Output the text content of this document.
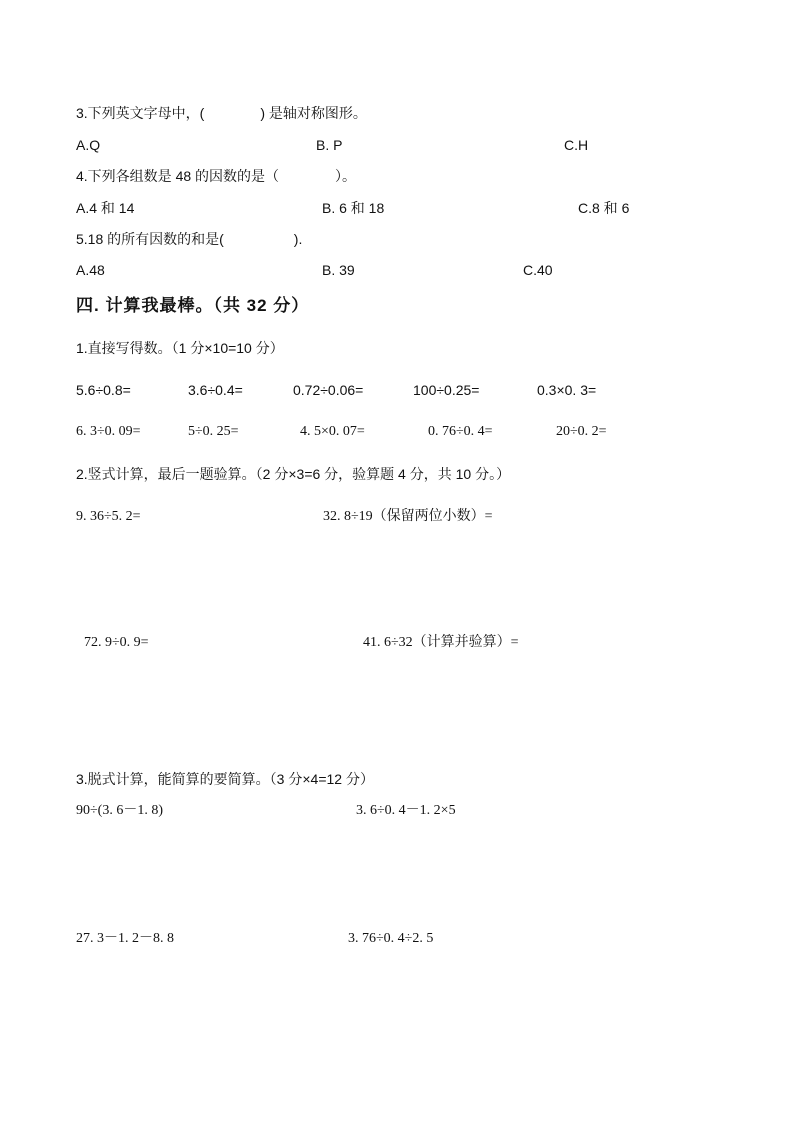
3.下列英文字母中，(　　　　) 是轴对称图形。
A.Q	B. P	C.H
4.下列各组数是 48 的因数的是（　　　　）。
A.4 和 14	B. 6 和 18	C.8 和 6
5.18 的所有因数的和是(　　　　　).
A.48	B. 39	C.40
四. 计算我最棒。（共 32 分）
1.直接写得数。（1 分×10=10 分）
5.6÷0.8=	3.6÷0.4=	0.72÷0.06=	100÷0.25=	0.3×0. 3=
6. 3÷0. 09=	5÷0. 25=	4. 5×0. 07=	0. 76÷0. 4=	20÷0. 2=
2.竖式计算，最后一题验算。（2 分×3=6 分，验算题 4 分，共 10 分。）
9. 36÷5. 2=	32. 8÷19（保留两位小数）=
72. 9÷0. 9=	41. 6÷32（计算并验算）=
3.脱式计算，能简算的要简算。（3 分×4=12 分）
90÷(3. 6－1. 8)	3. 6÷0. 4－1. 2×5
27. 3－1. 2－8. 8	3. 76÷0. 4÷2. 5
